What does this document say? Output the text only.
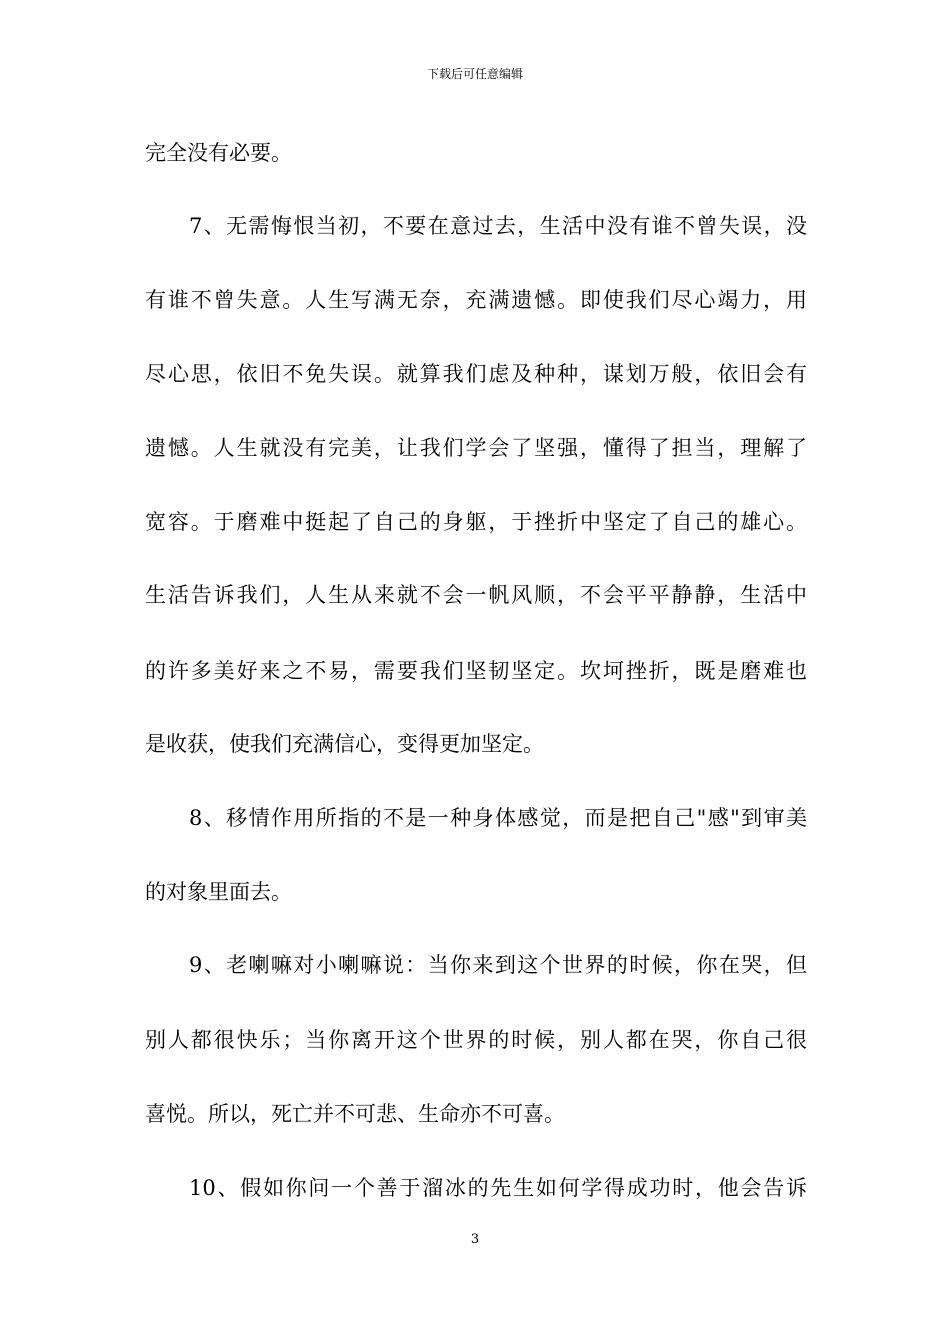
下载后可任意编辑
完全没有必要。
7、无需悔恨当初，不要在意过去，生活中没有谁不曾失误，没
有谁不曾失意。人生写满无奈，充满遗憾。即使我们尽心竭力，用
尽心思，依旧不免失误。就算我们虑及种种，谋划万般，依旧会有
遗憾。人生就没有完美，让我们学会了坚强，懂得了担当，理解了
宽容。于磨难中挺起了自己的身躯，于挫折中坚定了自己的雄心。
生活告诉我们，人生从来就不会一帆风顺，不会平平静静，生活中
的许多美好来之不易，需要我们坚韧坚定。坎坷挫折，既是磨难也
是收获，使我们充满信心，变得更加坚定。
8、移情作用所指的不是一种身体感觉，而是把自己"感"到审美
的对象里面去。
9、老喇嘛对小喇嘛说：当你来到这个世界的时候，你在哭，但
别人都很快乐；当你离开这个世界的时候，别人都在哭，你自己很
喜悦。所以，死亡并不可悲、生命亦不可喜。
10、假如你问一个善于溜冰的先生如何学得成功时，他会告诉
3
